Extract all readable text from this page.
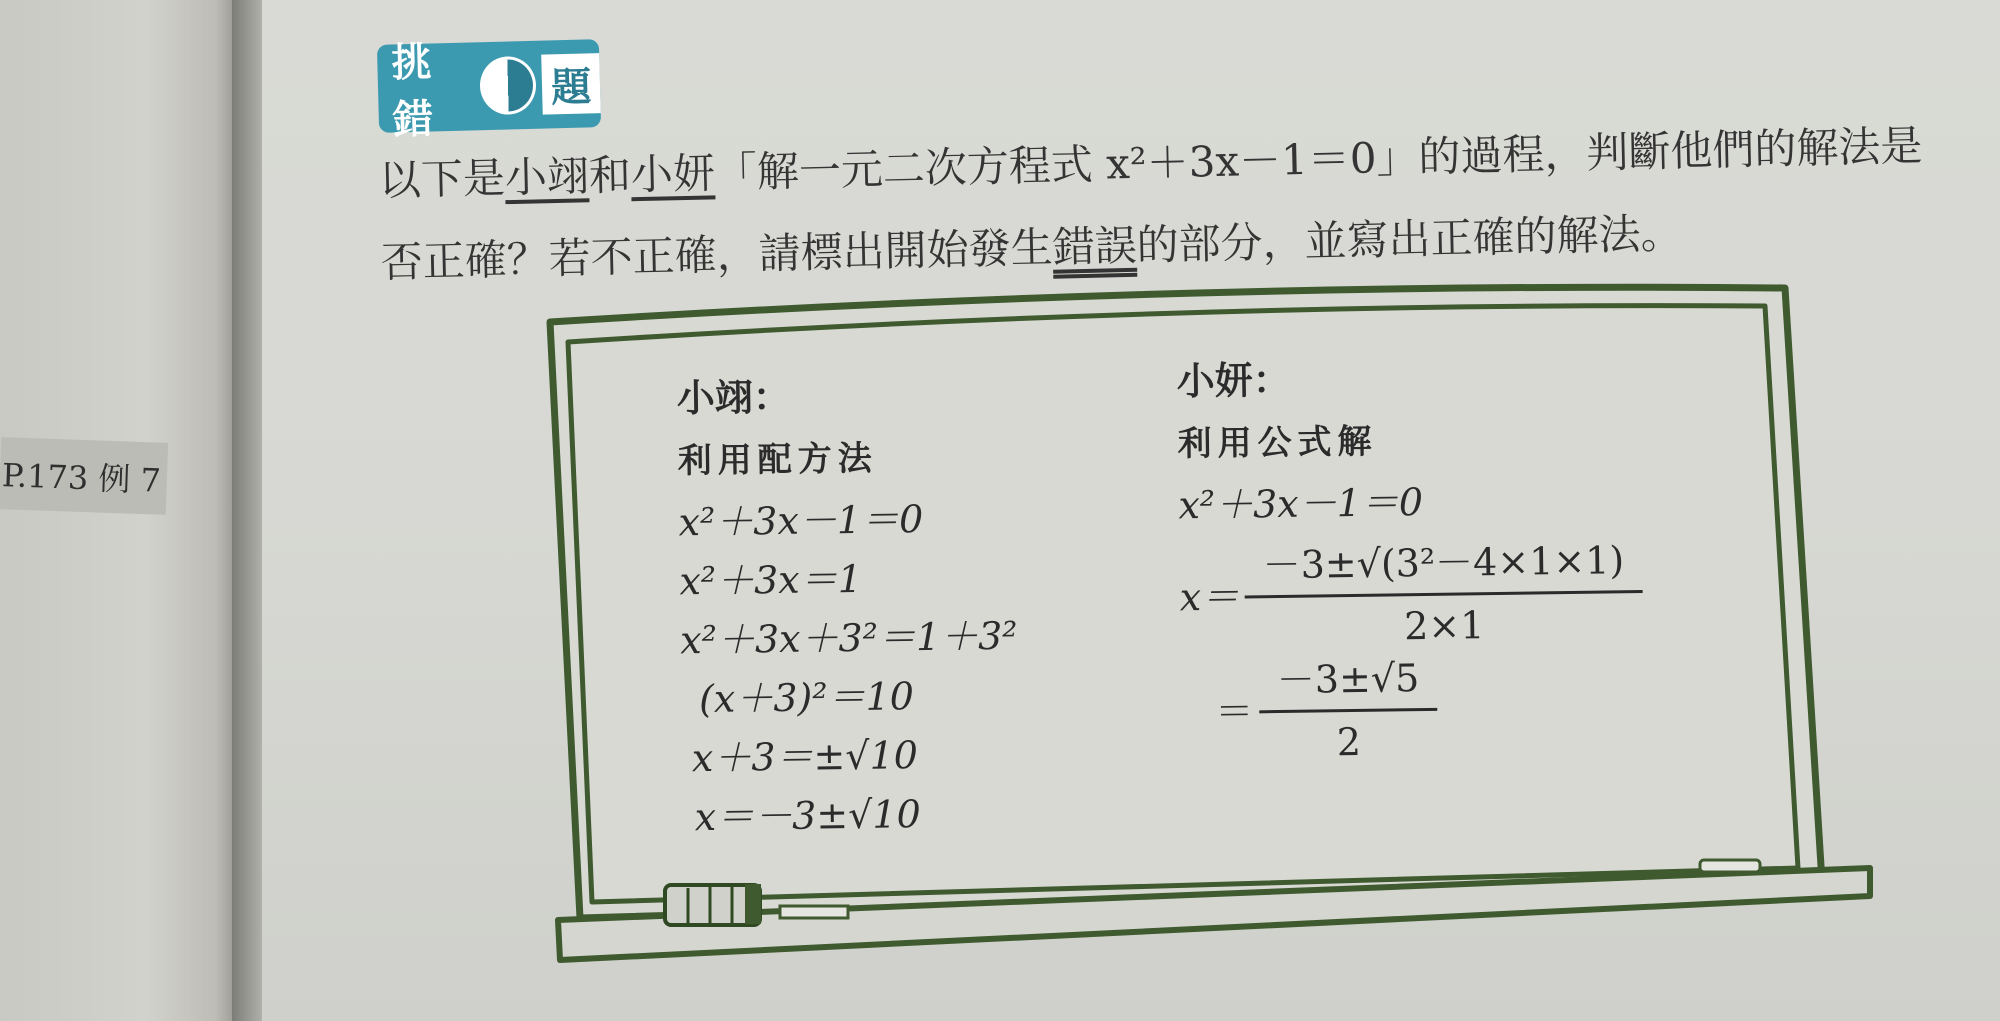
P.173 例 7
挑錯
題
以下是小翊和小妍「解一元二次方程式 x²＋3x－1＝0」的過程，判斷他們的解法是
否正確？若不正確，請標出開始發生錯誤的部分，並寫出正確的解法。
小翊：
利用配方法
x²＋3x－1＝0
x²＋3x＝1
x²＋3x＋3²＝1＋3²
(x＋3)²＝10
x＋3＝±√10
x＝－3±√10
小妍：
利用公式解
x²＋3x－1＝0
$x= \frac{\text{－3±√(3²－4×1×1)}}{2\times 1}$
＝ $\frac{-3\pm√5}{2}$
